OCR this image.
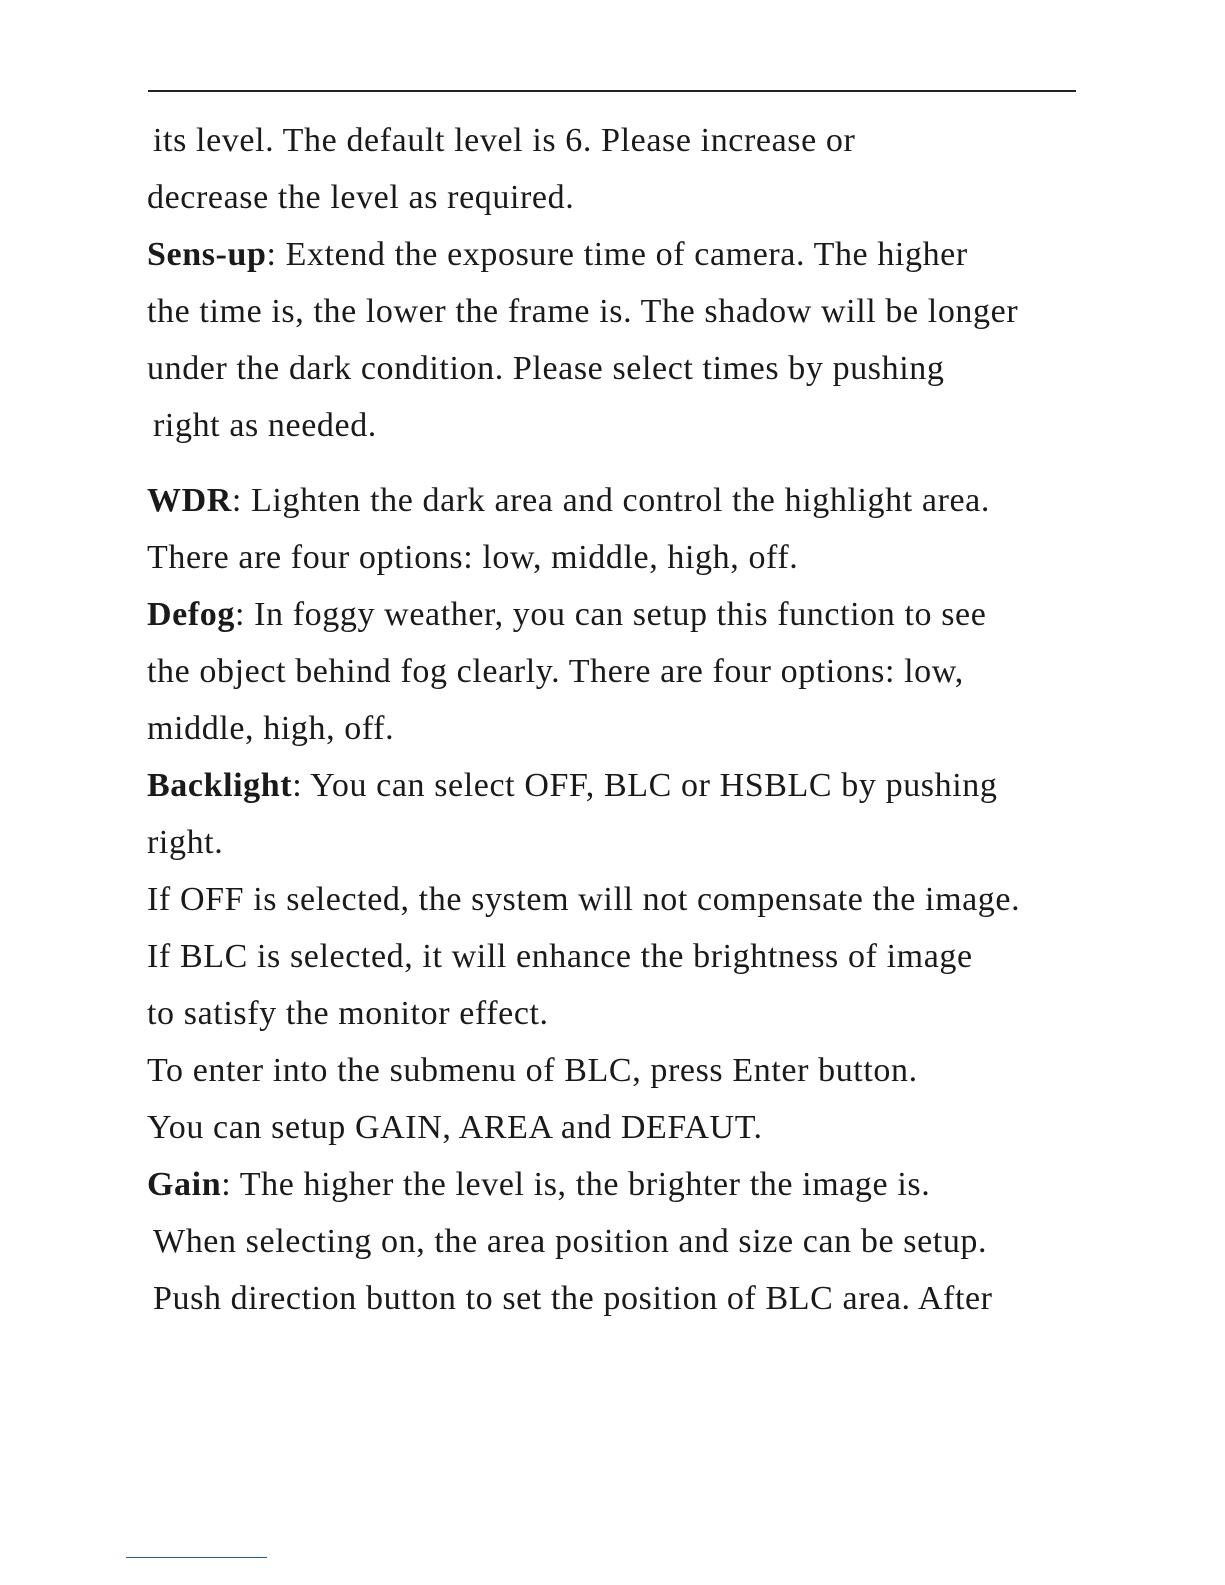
its level. The default level is 6. Please increase or
decrease the level as required.
Sens-up: Extend the exposure time of camera. The higher
the time is, the lower the frame is. The shadow will be longer
under the dark condition. Please select times by pushing
right as needed.
WDR: Lighten the dark area and control the highlight area.
There are four options: low, middle, high, off.
Defog: In foggy weather, you can setup this function to see
the object behind fog clearly. There are four options: low,
middle, high, off.
Backlight: You can select OFF, BLC or HSBLC by pushing
right.
If OFF is selected, the system will not compensate the image.
If BLC is selected, it will enhance the brightness of image
to satisfy the monitor effect.
To enter into the submenu of BLC, press Enter button.
You can setup GAIN, AREA and DEFAUT.
Gain: The higher the level is, the brighter the image is.
When selecting on, the area position and size can be setup.
Push direction button to set the position of BLC area. After
